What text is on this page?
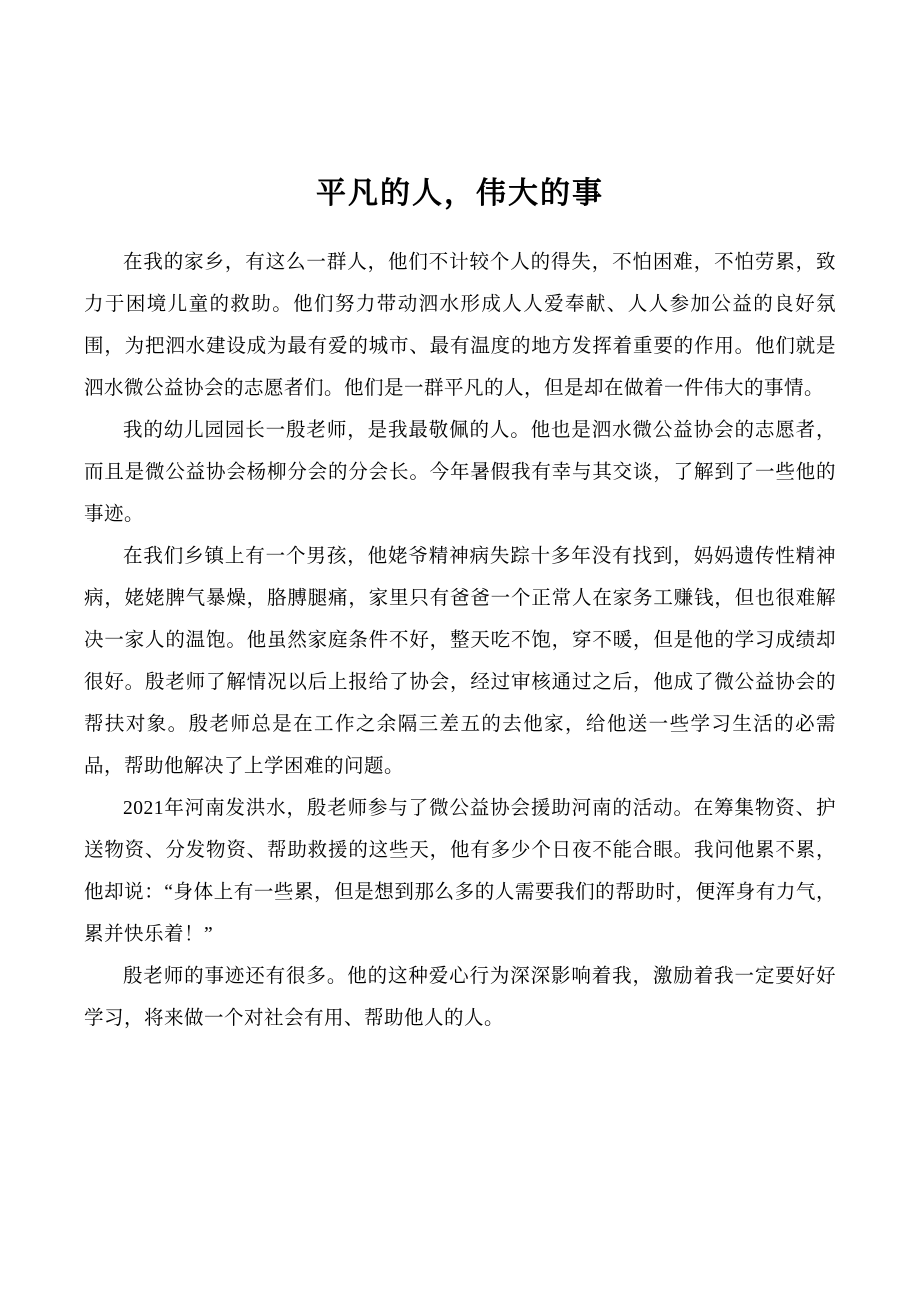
平凡的人，伟大的事

在我的家乡，有这么一群人，他们不计较个人的得失，不怕困难，不怕劳累，致力于困境儿童的救助。他们努力带动泗水形成人人爱奉献、人人参加公益的良好氛围，为把泗水建设成为最有爱的城市、最有温度的地方发挥着重要的作用。他们就是泗水微公益协会的志愿者们。他们是一群平凡的人，但是却在做着一件伟大的事情。

我的幼儿园园长一殷老师，是我最敬佩的人。他也是泗水微公益协会的志愿者，而且是微公益协会杨柳分会的分会长。今年暑假我有幸与其交谈，了解到了一些他的事迹。

在我们乡镇上有一个男孩，他姥爷精神病失踪十多年没有找到，妈妈遗传性精神病，姥姥脾气暴燥，胳膊腿痛，家里只有爸爸一个正常人在家务工赚钱，但也很难解决一家人的温饱。他虽然家庭条件不好，整天吃不饱，穿不暖，但是他的学习成绩却很好。殷老师了解情况以后上报给了协会，经过审核通过之后，他成了微公益协会的帮扶对象。殷老师总是在工作之余隔三差五的去他家，给他送一些学习生活的必需品，帮助他解决了上学困难的问题。

2021年河南发洪水，殷老师参与了微公益协会援助河南的活动。在筹集物资、护送物资、分发物资、帮助救援的这些天，他有多少个日夜不能合眼。我问他累不累，他却说：“身体上有一些累，但是想到那么多的人需要我们的帮助时，便浑身有力气，累并快乐着！”

殷老师的事迹还有很多。他的这种爱心行为深深影响着我，激励着我一定要好好学习，将来做一个对社会有用、帮助他人的人。
